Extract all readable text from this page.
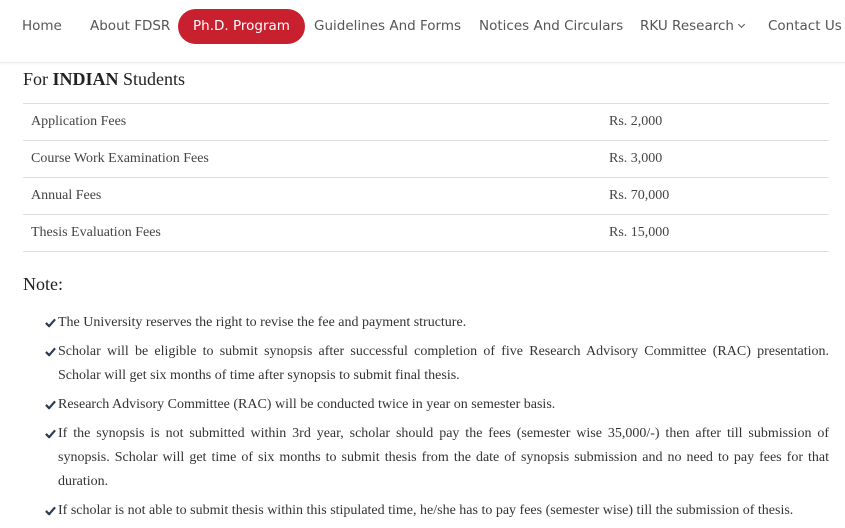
Home About FDSR	Ph.D. Program	Guidelines And Forms Notices And Circulars RKU Research	Contact Us
For INDIAN Students
Application Fees	Rs. 2,000
Course Work Examination Fees	Rs. 3,000
Annual Fees	Rs. 70,000
Thesis Evaluation Fees	Rs. 15,000
Note:
The University reserves the right to revise the fee and payment structure.
Scholar will be eligible to submit synopsis after successful completion of five Research Advisory Committee (RAC) presentation. Scholar will get six months of time after synopsis to submit final thesis.
Research Advisory Committee (RAC) will be conducted twice in year on semester basis.
If the synopsis is not submitted within 3rd year, scholar should pay the fees (semester wise 35,000/-) then after till submission of synopsis. Scholar will get time of six months to submit thesis from the date of synopsis submission and no need to pay fees for that duration.
If scholar is not able to submit thesis within this stipulated time, he/she has to pay fees (semester wise) till the submission of thesis.
